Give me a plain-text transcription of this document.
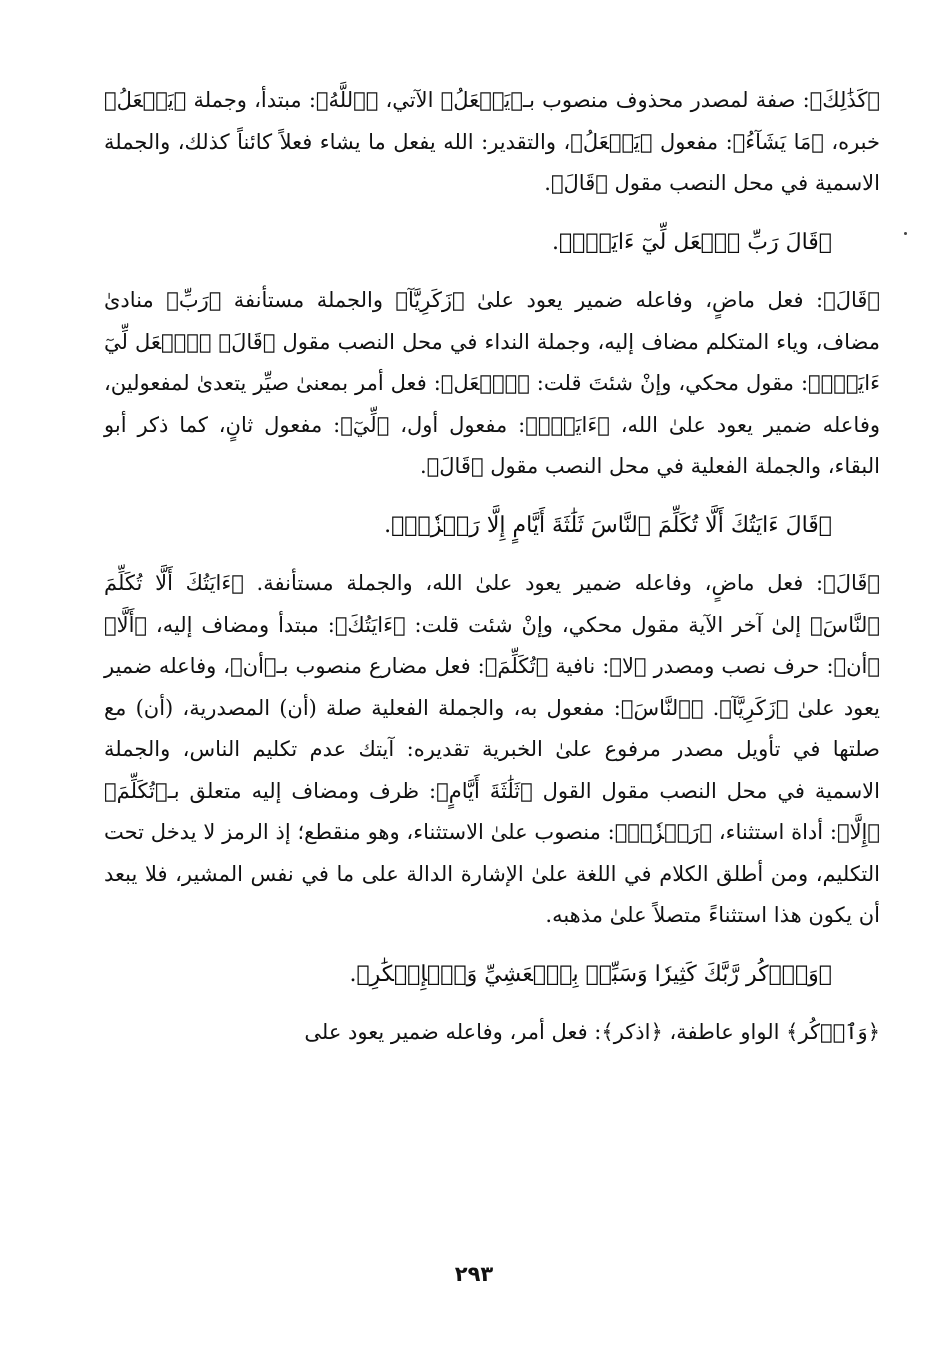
﴿كَذَٰلِكَ﴾: صفة لمصدر محذوف منصوب بـ﴿يَفۡعَلُ﴾ الآتي، ﴿ٱللَّهُ﴾: مبتدأ، وجملة ﴿يَفۡعَلُ﴾ خبره، ﴿مَا يَشَآءُ﴾: مفعول ﴿يَفۡعَلُ﴾، والتقدير: الله يفعل ما يشاء فعلاً كائناً كذلك، والجملة الاسمية في محل النصب مقول ﴿قَالَ﴾.

﴿قَالَ رَبِّ ٱجۡعَل لِّيٓ ءَايَةٗۖ﴾.

﴿قَالَ﴾: فعل ماضٍ، وفاعله ضمير يعود علىٰ ﴿زَكَرِيَّآ﴾ والجملة مستأنفة ﴿رَبِّ﴾ منادىٰ مضاف، وياء المتكلم مضاف إليه، وجملة النداء في محل النصب مقول ﴿قَالَ﴾ ﴿ٱجۡعَل لِّيٓ ءَايَةٗۖ﴾: مقول محكي، وإنْ شئتَ قلت: ﴿ٱجۡعَل﴾: فعل أمر بمعنىٰ صيِّر يتعدىٰ لمفعولين، وفاعله ضمير يعود علىٰ الله، ﴿ءَايَةٗۖ﴾: مفعول أول، ﴿لِّيٓ﴾: مفعول ثانٍ، كما ذكر أبو البقاء، والجملة الفعلية في محل النصب مقول ﴿قَالَ﴾.

﴿قَالَ ءَايَتُكَ أَلَّا تُكَلِّمَ ٱلنَّاسَ ثَلَٰثَةَ أَيَّامٍ إِلَّا رَمۡزٗاۗ﴾.

﴿قَالَ﴾: فعل ماضٍ، وفاعله ضمير يعود علىٰ الله، والجملة مستأنفة. ﴿ءَايَتُكَ أَلَّا تُكَلِّمَ ٱلنَّاسَ﴾ إلىٰ آخر الآية مقول محكي، وإنْ شئت قلت: ﴿ءَايَتُكَ﴾: مبتدأ ومضاف إليه، ﴿أَلَّا﴾ ﴿أن﴾: حرف نصب ومصدر ﴿لا﴾: نافية ﴿تُكَلِّمَ﴾: فعل مضارع منصوب بـ﴿أن﴾، وفاعله ضمير يعود علىٰ ﴿زَكَرِيَّآ﴾. ﴿ٱلنَّاسَ﴾: مفعول به، والجملة الفعلية صلة (أن) المصدرية، (أن) مع صلتها في تأويل مصدر مرفوع علىٰ الخبرية تقديره: آيتك عدم تكليم الناس، والجملة الاسمية في محل النصب مقول القول ﴿ثَلَٰثَةَ أَيَّامٍ﴾: ظرف ومضاف إليه متعلق بـ﴿تُكَلِّمَ﴾ ﴿إِلَّا﴾: أداة استثناء، ﴿رَمۡزٗاۗ﴾: منصوب علىٰ الاستثناء، وهو منقطع؛ إذ الرمز لا يدخل تحت التكليم، ومن أطلق الكلام في اللغة علىٰ الإشارة الدالة على ما في نفس المشير، فلا يبعد أن يكون هذا استثناءً متصلاً علىٰ مذهبه.

﴿وَٱذۡكُر رَّبَّكَ كَثِيرٗا وَسَبِّحۡ بِٱلۡعَشِيِّ وَٱلۡإِبۡكَٰرِ﴾.

﴿وَٱذۡكُر﴾ الواو عاطفة، ﴿اذكر﴾: فعل أمر، وفاعله ضمير يعود على

٢٩٣
